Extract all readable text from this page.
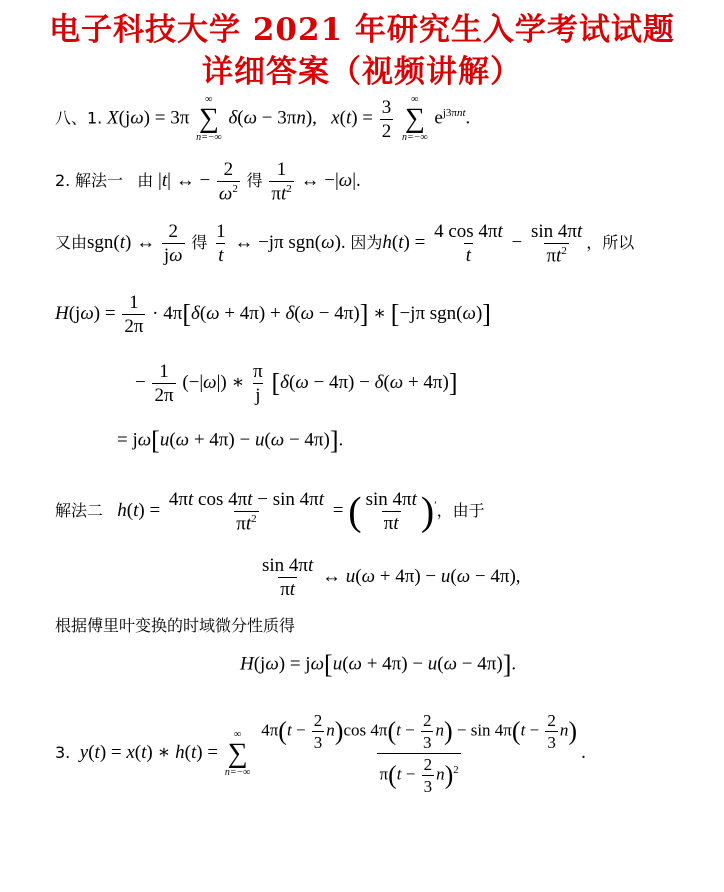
电子科技大学 2021 年研究生入学考试试题
详细答案（视频讲解）
八、1. X(jω) = 3π
∞
∑
n=−∞
δ(ω − 3πn),   $x(t) = \frac{3}{2}$
∞
∑
n=−∞
$e^{j3\pi nt}$.
2. 解法一 由 |t| ↔ − $\frac{2}{\omega^2}$ 得 $\frac{1}{\pi t^2}$ ↔ −|ω|.
又由sgn(t) ↔ $\frac{2}{j\omega}$ 得 $\frac{1}{t}$ ↔ −jπ sgn(ω). 因为$h(t) = \frac{4 \cos 4\pi t}{t} - \frac{\sin 4\pi t}{\pi t^2}$ ，所以
$H(j\omega) = \frac{1}{2\pi} \cdot 4\pi[\delta(\omega + 4\pi) + \delta(\omega - 4\pi)]$ ∗ [−jπ sgn(ω)]
− $\frac{1}{2\pi} (-|\omega|)$ ∗ $\frac{\pi}{j} [\delta(\omega - 4\pi) - \delta(\omega + 4\pi)]$
= jω[u(ω + 4π) − u(ω − 4π)].
解法二 $h(t) = \frac{\text{4πt cos 4πt − sin 4πt}}{\pi t^2}$ = ( $\frac{\sin 4\pi t}{\pi t} )'$，由于
$\frac{\sin 4\pi t}{\pi t}$ ↔ u(ω + 4π) − u(ω − 4π),
根据傅里叶变换的时域微分性质得
H(jω) = jω[u(ω + 4π) − u(ω − 4π)].
3. y(t) = x(t) ∗ h(t) =
∞
∑
n=−∞
$\frac{4\pi(t - \frac{2}{3} n)\cos 4\pi(t - \frac{2}{3} n) - \sin 4\pi(t - \frac{2}{3} n)}{\pi(t - \frac{2}{3} n)^2}$ .
